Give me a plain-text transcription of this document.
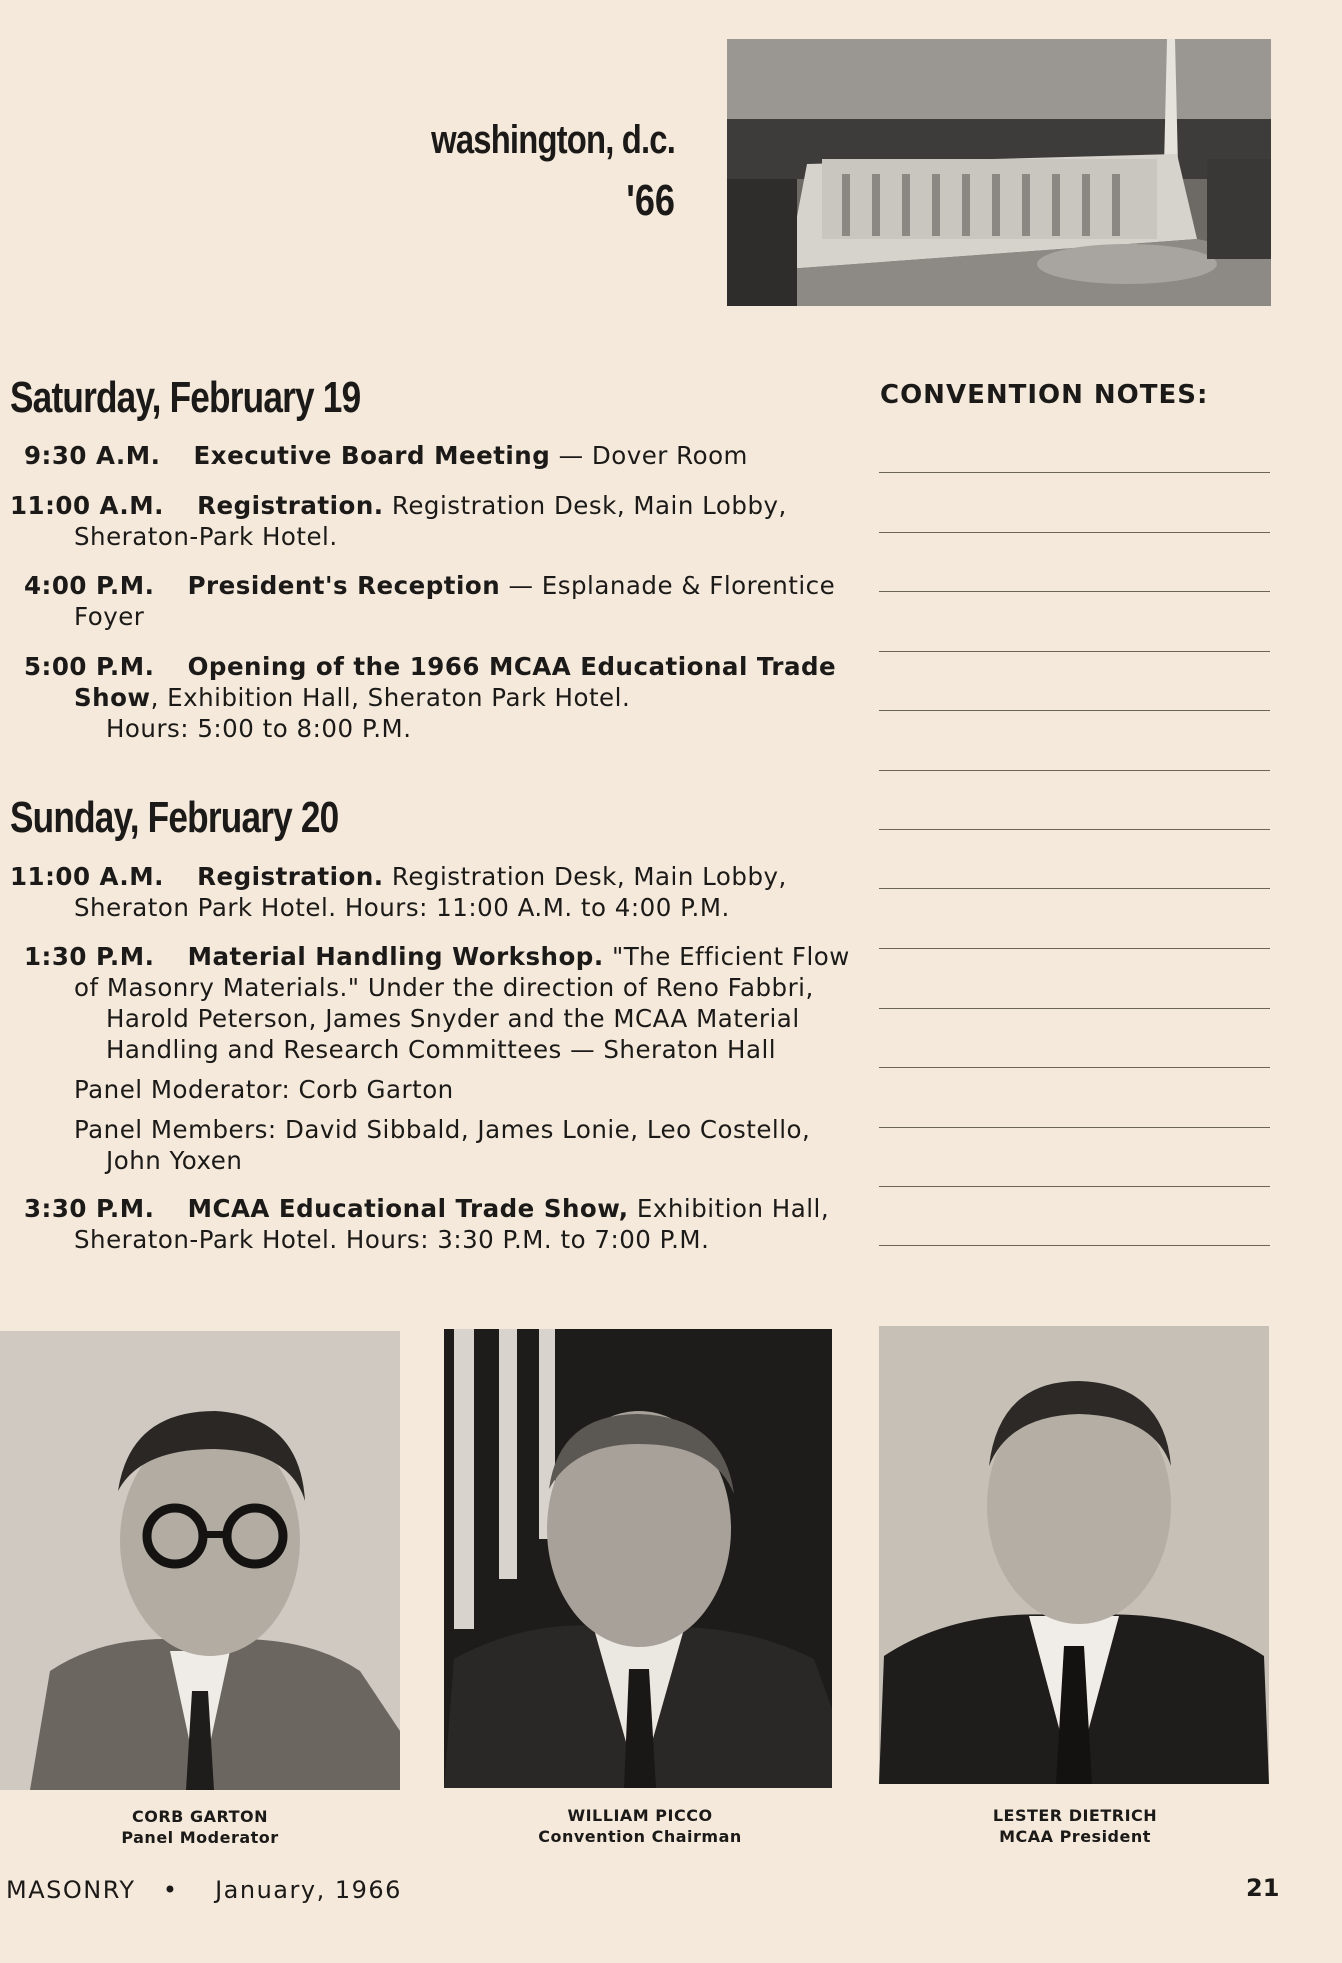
washington, d.c.
'66
Saturday, February 19
9:30 A.M. Executive Board Meeting — Dover Room
11:00 A.M. Registration. Registration Desk, Main Lobby,
Sheraton-Park Hotel.
4:00 P.M. President's Reception — Esplanade & Florentice
Foyer
5:00 P.M. Opening of the 1966 MCAA Educational Trade
Show, Exhibition Hall, Sheraton Park Hotel.
Hours: 5:00 to 8:00 P.M.
Sunday, February 20
11:00 A.M. Registration. Registration Desk, Main Lobby,
Sheraton Park Hotel. Hours: 11:00 A.M. to 4:00 P.M.
1:30 P.M. Material Handling Workshop. "The Efficient Flow
of Masonry Materials." Under the direction of Reno Fabbri,
Harold Peterson, James Snyder and the MCAA Material
Handling and Research Committees — Sheraton Hall
Panel Moderator: Corb Garton
Panel Members: David Sibbald, James Lonie, Leo Costello,
John Yoxen
3:30 P.M. MCAA Educational Trade Show, Exhibition Hall,
Sheraton-Park Hotel. Hours: 3:30 P.M. to 7:00 P.M.
CONVENTION NOTES:
CORB GARTON
Panel Moderator
WILLIAM PICCO
Convention Chairman
LESTER DIETRICH
MCAA President
MASONRY • January, 1966	21
